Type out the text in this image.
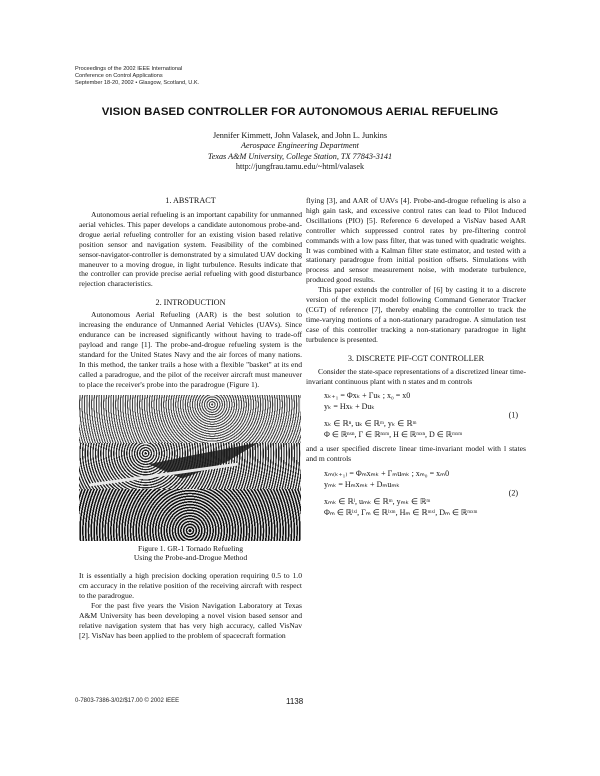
Proceedings of the 2002 IEEE International
Conference on Control Applications
September 18-20, 2002 • Glasgow, Scotland, U.K.
VISION BASED CONTROLLER FOR AUTONOMOUS AERIAL REFUELING
Jennifer Kimmett, John Valasek, and John L. Junkins
Aerospace Engineering Department
Texas A&M University, College Station, TX 77843-3141
http://jungfrau.tamu.edu/~html/valasek
1. ABSTRACT

Autonomous aerial refueling is an important capability for unmanned aerial vehicles. This paper develops a candidate autonomous probe-and-drogue aerial refueling controller for an existing vision based relative position sensor and navigation system. Feasibility of the combined sensor-navigator-controller is demonstrated by a simulated UAV docking maneuver to a moving drogue, in light turbulence. Results indicate that the controller can provide precise aerial refueling with good disturbance rejection characteristics.

2. INTRODUCTION

Autonomous Aerial Refueling (AAR) is the best solution to increasing the endurance of Unmanned Aerial Vehicles (UAVs). Since endurance can be increased significantly without having to trade-off payload and range [1]. The probe-and-drogue refueling system is the standard for the United States Navy and the air forces of many nations. In this method, the tanker trails a hose with a flexible "basket" at its end called a paradrogue, and the pilot of the receiver aircraft must maneuver to place the receiver's probe into the paradrogue (Figure 1).

Figure 1. GR-1 Tornado Refueling
Using the Probe-and-Drogue Method

It is essentially a high precision docking operation requiring 0.5 to 1.0 cm accuracy in the relative position of the receiving aircraft with respect to the paradrogue.

For the past five years the Vision Navigation Laboratory at Texas A&M University has been developing a novel vision based sensor and relative navigation system that has very high accuracy, called VisNav [2]. VisNav has been applied to the problem of spacecraft formation

flying [3], and AAR of UAVs [4]. Probe-and-drogue refueling is also a high gain task, and excessive control rates can lead to Pilot Induced Oscillations (PIO) [5]. Reference 6 developed a VisNav based AAR controller which suppressed control rates by pre-filtering control commands with a low pass filter, that was tuned with quadratic weights. It was combined with a Kalman filter state estimator, and tested with a stationary paradrogue from initial position offsets. Simulations with process and sensor measurement noise, with moderate turbulence, produced good results.

This paper extends the controller of [6] by casting it to a discrete version of the explicit model following Command Generator Tracker (CGT) of reference [7], thereby enabling the controller to track the time-varying motions of a non-stationary paradrogue. A simulation test case of this controller tracking a non-stationary paradrogue in light turbulence is presented.

3. DISCRETE PIF-CGT CONTROLLER

Consider the state-space representations of a discretized linear time-invariant continuous plant with n states and m controls

xₖ₊₁ = Φxₖ + Γuₖ ; x₀ = x0
yₖ = Hxₖ + Duₖ
xₖ ∈ ℝⁿ, uₖ ∈ ℝᵐ, yₖ ∈ ℝᵐ
Φ ∈ ℝⁿˣⁿ, Γ ∈ ℝⁿˣᵐ, H ∈ ℝᵐˣⁿ, D ∈ ℝᵐˣᵐ
(1)

and a user specified discrete linear time-invariant model with l states and m controls

xₘ₍ₖ₊₁₎ = Φₘxₘₖ + Γₘuₘₖ ; xₘ₀ = xₘ0
yₘₖ = Hₘxₘₖ + Dₘuₘₖ
xₘₖ ∈ ℝˡ, uₘₖ ∈ ℝᵐ, yₘₖ ∈ ℝᵐ
Φₘ ∈ ℝˡˣˡ, Γₘ ∈ ℝˡˣᵐ, Hₘ ∈ ℝᵐˣˡ, Dₘ ∈ ℝᵐˣᵐ
(2)
0-7803-7386-3/02/$17.00 © 2002 IEEE	1138
